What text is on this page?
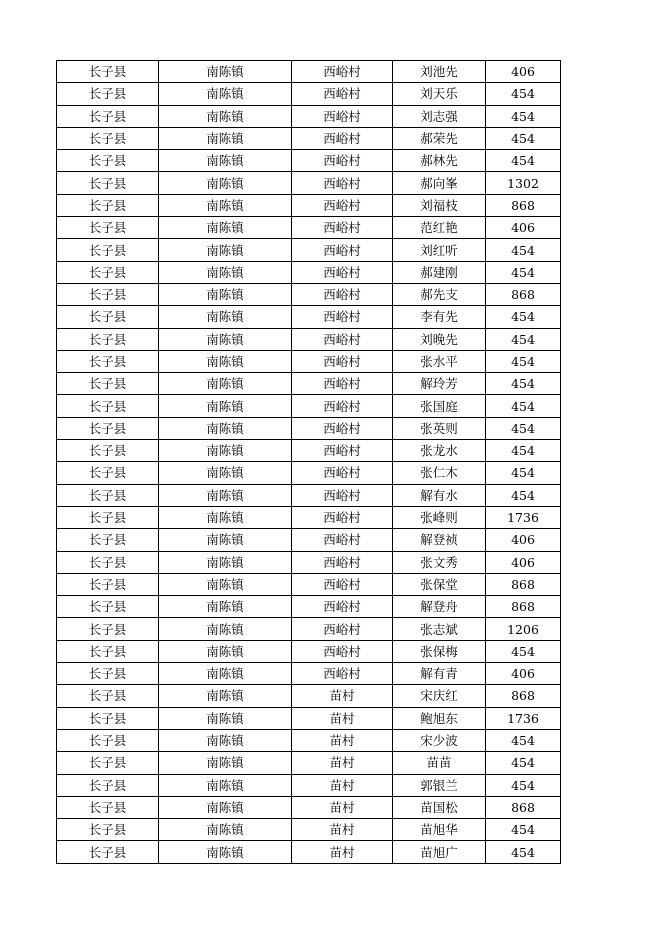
长子县	南陈镇	西峪村	刘池先	406
长子县	南陈镇	西峪村	刘天乐	454
长子县	南陈镇	西峪村	刘志强	454
长子县	南陈镇	西峪村	郝荣先	454
长子县	南陈镇	西峪村	郝林先	454
长子县	南陈镇	西峪村	郝向峯	1302
长子县	南陈镇	西峪村	刘福枝	868
长子县	南陈镇	西峪村	范红艳	406
长子县	南陈镇	西峪村	刘红听	454
长子县	南陈镇	西峪村	郝建刚	454
长子县	南陈镇	西峪村	郝先支	868
长子县	南陈镇	西峪村	李有先	454
长子县	南陈镇	西峪村	刘晚先	454
长子县	南陈镇	西峪村	张水平	454
长子县	南陈镇	西峪村	解玲芳	454
长子县	南陈镇	西峪村	张国庭	454
长子县	南陈镇	西峪村	张英则	454
长子县	南陈镇	西峪村	张龙水	454
长子县	南陈镇	西峪村	张仁木	454
长子县	南陈镇	西峪村	解有水	454
长子县	南陈镇	西峪村	张峰则	1736
长子县	南陈镇	西峪村	解登祯	406
长子县	南陈镇	西峪村	张文秀	406
长子县	南陈镇	西峪村	张保堂	868
长子县	南陈镇	西峪村	解登舟	868
长子县	南陈镇	西峪村	张志斌	1206
长子县	南陈镇	西峪村	张保梅	454
长子县	南陈镇	西峪村	解有青	406
长子县	南陈镇	苗村	宋庆红	868
长子县	南陈镇	苗村	鲍旭东	1736
长子县	南陈镇	苗村	宋少波	454
长子县	南陈镇	苗村	苗苗	454
长子县	南陈镇	苗村	郭银兰	454
长子县	南陈镇	苗村	苗国松	868
长子县	南陈镇	苗村	苗旭华	454
长子县	南陈镇	苗村	苗旭广	454
